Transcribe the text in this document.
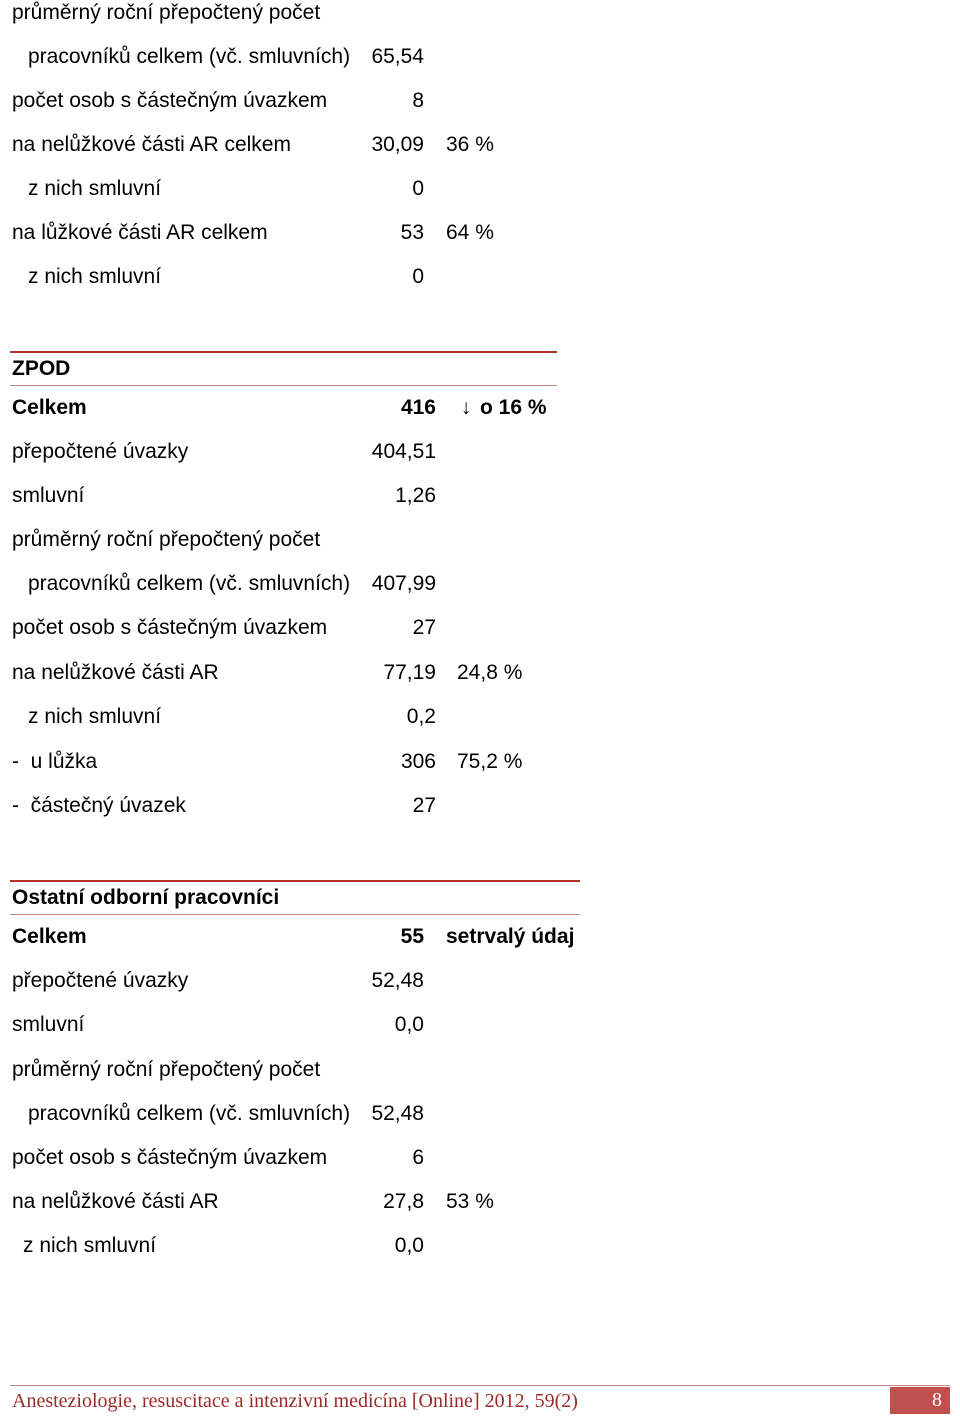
průměrný roční přepočtený počet
pracovníků celkem (vč. smluvních) 65,54
počet osob s částečným úvazkem	8
na nelůžkové části AR celkem	30,09 36 %
z nich smluvní	0
na lůžkové části AR celkem	53 64 %
z nich smluvní	0
ZPOD
Celkem	416 ↓ o 16 %
přepočtené úvazky	404,51
smluvní	1,26
průměrný roční přepočtený počet
pracovníků celkem (vč. smluvních) 407,99
počet osob s částečným úvazkem	27
na nelůžkové části AR	77,19 24,8 %
z nich smluvní	0,2
-  u lůžka	306 75,2 %
-  částečný úvazek	27
Ostatní odborní pracovníci
Celkem	55 setrvalý údaj
přepočtené úvazky	52,48
smluvní	0,0
průměrný roční přepočtený počet
pracovníků celkem (vč. smluvních) 52,48
počet osob s částečným úvazkem	6
na nelůžkové části AR	27,8 53 %
z nich smluvní	0,0
Anesteziologie, resuscitace a intenzivní medicína [Online] 2012, 59(2)	8
